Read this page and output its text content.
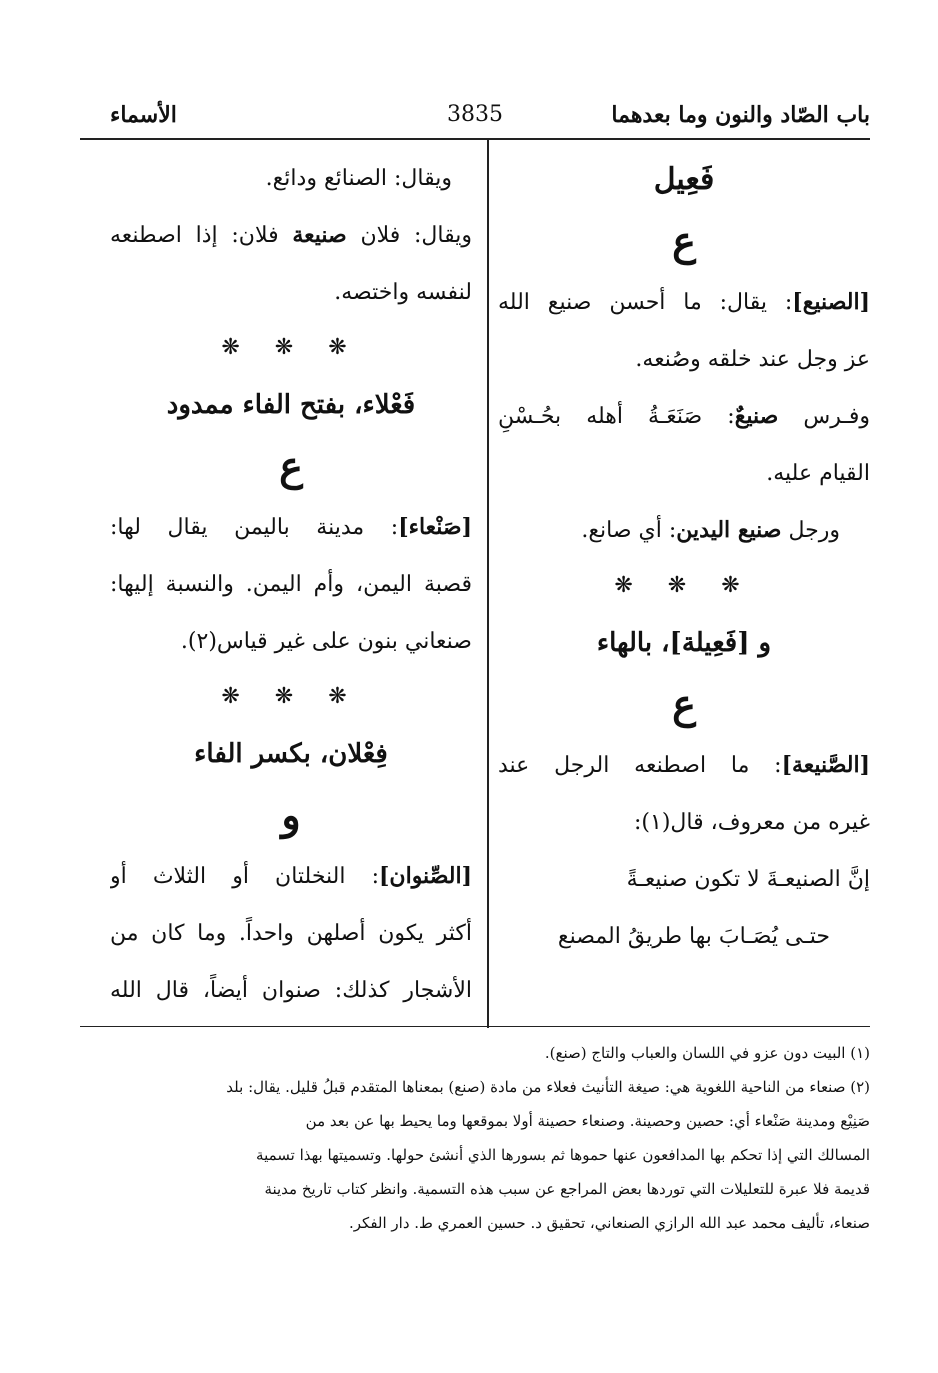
باب الصّاد والنون وما بعدهما
3835
الأسماء
فَعِيل
ع
[الصنيع]: يقال: ما أحسن صنيع الله
عز وجل عند خلقه وصُنعه.
وفـرس صنيعٌ: صَنَعَـةُ أهله بحُـسْنِ
القيام عليه.
ورجل صنيع اليدين: أي صانع.
❋ ❋ ❋
و [فَعِيلة]، بالهاء
ع
[الصَّنيعة]: ما اصطنعه الرجل عند
غيره من معروف، قال(١):
إنَّ الصنيعـةَ لا تكون صنيعـةً
حتـى يُصَـابَ بها طريقُ المصنع
ويقال: الصنائع ودائع.
ويقال: فلان صنيعة فلان: إذا اصطنعه
لنفسه واختصه.
❋ ❋ ❋
فَعْلاء، بفتح الفاء ممدود
ع
[صَنْعاء]: مدينة باليمن يقال لها:
قصبة اليمن، وأم اليمن. والنسبة إليها:
صنعاني بنون على غير قياس(٢).
❋ ❋ ❋
فِعْلان، بكسر الفاء
و
[الصِّنوان]: النخلتان أو الثلاث أو
أكثر يكون أصلهن واحداً. وما كان من
الأشجار كذلك: صنوان أيضاً، قال الله
(١) البيت دون عزو في اللسان والعباب والتاج (صنع).
(٢) صنعاء من الناحية اللغوية هي: صيغة التأنيث فعلاء من مادة (صنع) بمعناها المتقدم قبلُ قليل. يقال: بلد
صَنِيْع ومدينة صَنْعاء أي: حصين وحصينة. وصنعاء حصينة أولا بموقعها وما يحيط بها عن بعد من
المسالك التي إذا تحكم بها المدافعون عنها حموها ثم بسورها الذي أنشئ حولها. وتسميتها بهذا تسمية
قديمة فلا عبرة للتعليلات التي توردها بعض المراجع عن سبب هذه التسمية. وانظر كتاب تاريخ مدينة
صنعاء، تأليف محمد عبد الله الرازي الصنعاني، تحقيق د. حسين العمري ط. دار الفكر.
